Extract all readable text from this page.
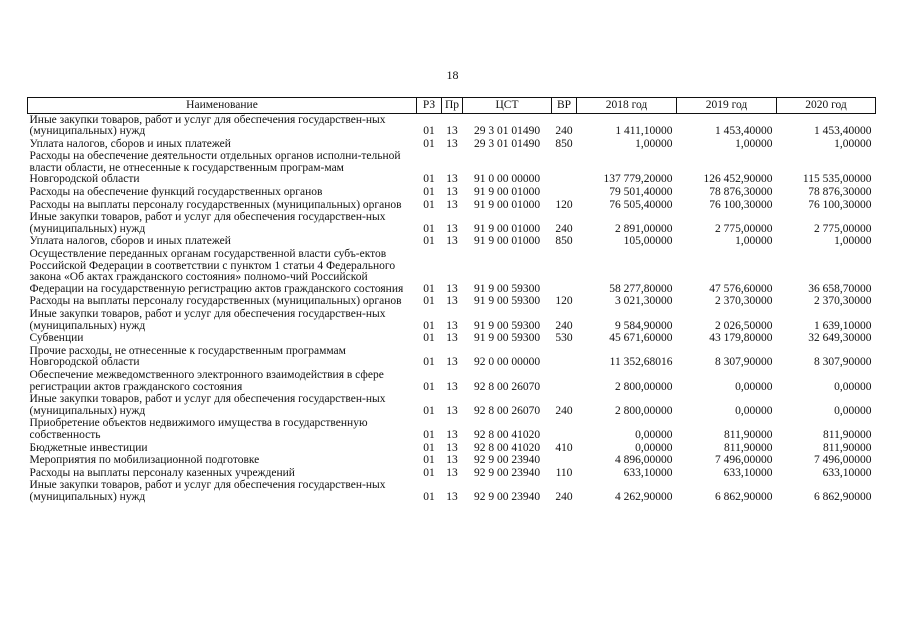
18
Наименование	РЗ	Пр	ЦСТ	ВР	2018 год	2019 год	2020 год
Иные закупки товаров, работ и услуг для обеспечения государствен-ных (муниципальных) нужд	01	13	29 3 01 01490	240	1 411,10000	1 453,40000	1 453,40000
Уплата налогов, сборов и иных платежей	01	13	29 3 01 01490	850	1,00000	1,00000	1,00000
Расходы на обеспечение деятельности отдельных органов исполни-тельной власти области, не отнесенные к государственным програм-мам Новгородской области	01	13	91 0 00 00000		137 779,20000	126 452,90000	115 535,00000
Расходы на обеспечение функций государственных органов	01	13	91 9 00 01000		79 501,40000	78 876,30000	78 876,30000
Расходы на выплаты персоналу государственных (муниципальных) органов	01	13	91 9 00 01000	120	76 505,40000	76 100,30000	76 100,30000
Иные закупки товаров, работ и услуг для обеспечения государствен-ных (муниципальных) нужд	01	13	91 9 00 01000	240	2 891,00000	2 775,00000	2 775,00000
Уплата налогов, сборов и иных платежей	01	13	91 9 00 01000	850	105,00000	1,00000	1,00000
Осуществление переданных органам государственной власти субъ-ектов Российской Федерации в соответствии с пунктом 1 статьи 4 Федерального закона «Об актах гражданского состояния» полномо-чий Российской Федерации на государственную регистрацию актов гражданского состояния	01	13	91 9 00 59300		58 277,80000	47 576,60000	36 658,70000
Расходы на выплаты персоналу государственных (муниципальных) органов	01	13	91 9 00 59300	120	3 021,30000	2 370,30000	2 370,30000
Иные закупки товаров, работ и услуг для обеспечения государствен-ных (муниципальных) нужд	01	13	91 9 00 59300	240	9 584,90000	2 026,50000	1 639,10000
Субвенции	01	13	91 9 00 59300	530	45 671,60000	43 179,80000	32 649,30000
Прочие расходы, не отнесенные к государственным программам Новгородской области	01	13	92 0 00 00000		11 352,68016	8 307,90000	8 307,90000
Обеспечение межведомственного электронного взаимодействия в сфере регистрации актов гражданского состояния	01	13	92 8 00 26070		2 800,00000	0,00000	0,00000
Иные закупки товаров, работ и услуг для обеспечения государствен-ных (муниципальных) нужд	01	13	92 8 00 26070	240	2 800,00000	0,00000	0,00000
Приобретение объектов недвижимого имущества в государственную собственность	01	13	92 8 00 41020		0,00000	811,90000	811,90000
Бюджетные инвестиции	01	13	92 8 00 41020	410	0,00000	811,90000	811,90000
Мероприятия по мобилизационной подготовке	01	13	92 9 00 23940		4 896,00000	7 496,00000	7 496,00000
Расходы на выплаты персоналу казенных учреждений	01	13	92 9 00 23940	110	633,10000	633,10000	633,10000
Иные закупки товаров, работ и услуг для обеспечения государствен-ных (муниципальных) нужд	01	13	92 9 00 23940	240	4 262,90000	6 862,90000	6 862,90000
